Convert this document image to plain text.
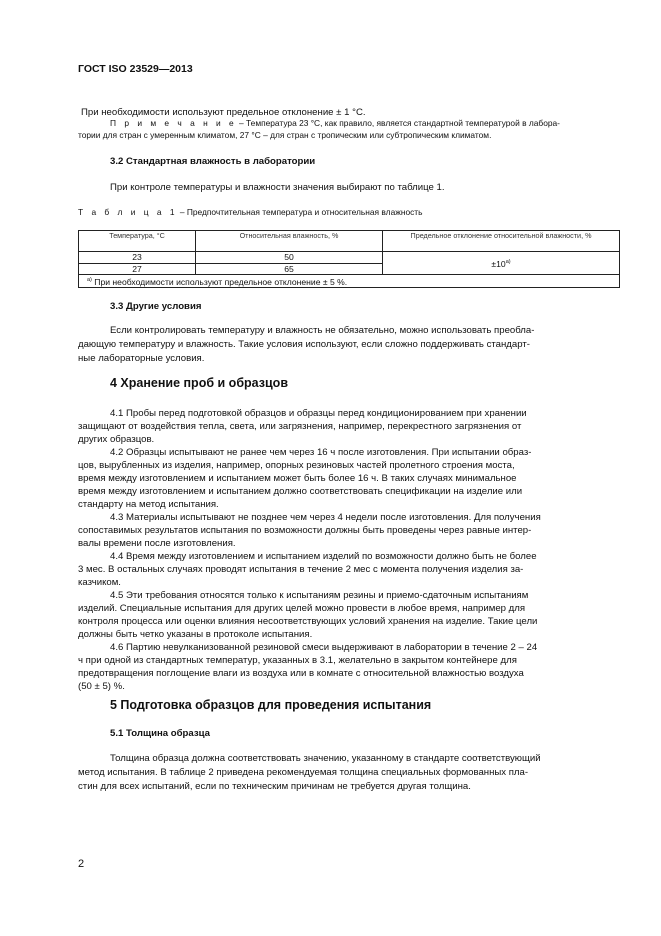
ГОСТ ISO 23529—2013
При необходимости используют предельное отклонение ± 1 °С.
П р и м е ч а н и е – Температура 23 °С, как правило, является стандартной температурой в лабора-
тории для стран с умеренным климатом, 27 °С – для стран с тропическим или субтропическим климатом.
3.2 Стандартная влажность в лаборатории
При контроле температуры и влажности значения выбирают по таблице 1.
Т а б л и ц а 1 – Предпочтительная температура и относительная влажность
Температура, °С	Относительная влажность, %	Предельное отклонение относительной влажности, %
23	50	$\pm 10^{а)}$
27	65	
$^{а)}$ При необходимости используют предельное отклонение ± 5 %.		
3.3 Другие условия
Если контролировать температуру и влажность не обязательно, можно использовать преобла-
дающую температуру и влажность. Такие условия используют, если сложно поддерживать стандарт-
ные лабораторные условия.
4 Хранение проб и образцов
4.1 Пробы перед подготовкой образцов и образцы перед кондиционированием при хранении
защищают от воздействия тепла, света, или загрязнения, например, перекрестного загрязнения от
других образцов.
4.2 Образцы испытывают не ранее чем через 16 ч после изготовления. При испытании образ-
цов, вырубленных из изделия, например, опорных резиновых частей пролетного строения моста,
время между изготовлением и испытанием может быть более 16 ч. В таких случаях минимальное
время между изготовлением и испытанием должно соответствовать спецификации на изделие или
стандарту на метод испытания.
4.3 Материалы испытывают не позднее чем через 4 недели после изготовления. Для получения
сопоставимых результатов испытания по возможности должны быть проведены через равные интер-
валы времени после изготовления.
4.4 Время между изготовлением и испытанием изделий по возможности должно быть не более
3 мес. В остальных случаях проводят испытания в течение 2 мес с момента получения изделия за-
казчиком.
4.5 Эти требования относятся только к испытаниям резины и приемо-сдаточным испытаниям
изделий. Специальные испытания для других целей можно провести в любое время, например для
контроля процесса или оценки влияния несоответствующих условий хранения на изделие. Такие цели
должны быть четко указаны в протоколе испытания.
4.6 Партию невулканизованной резиновой смеси выдерживают в лаборатории в течение 2 – 24
ч при одной из стандартных температур, указанных в 3.1, желательно в закрытом контейнере для
предотвращения поглощение влаги из воздуха или в комнате с относительной влажностью воздуха
(50 ± 5) %.
5 Подготовка образцов для проведения испытания
5.1 Толщина образца
Толщина образца должна соответствовать значению, указанному в стандарте соответствующий
метод испытания. В таблице 2 приведена рекомендуемая толщина специальных формованных пла-
стин для всех испытаний, если по техническим причинам не требуется другая толщина.
2
